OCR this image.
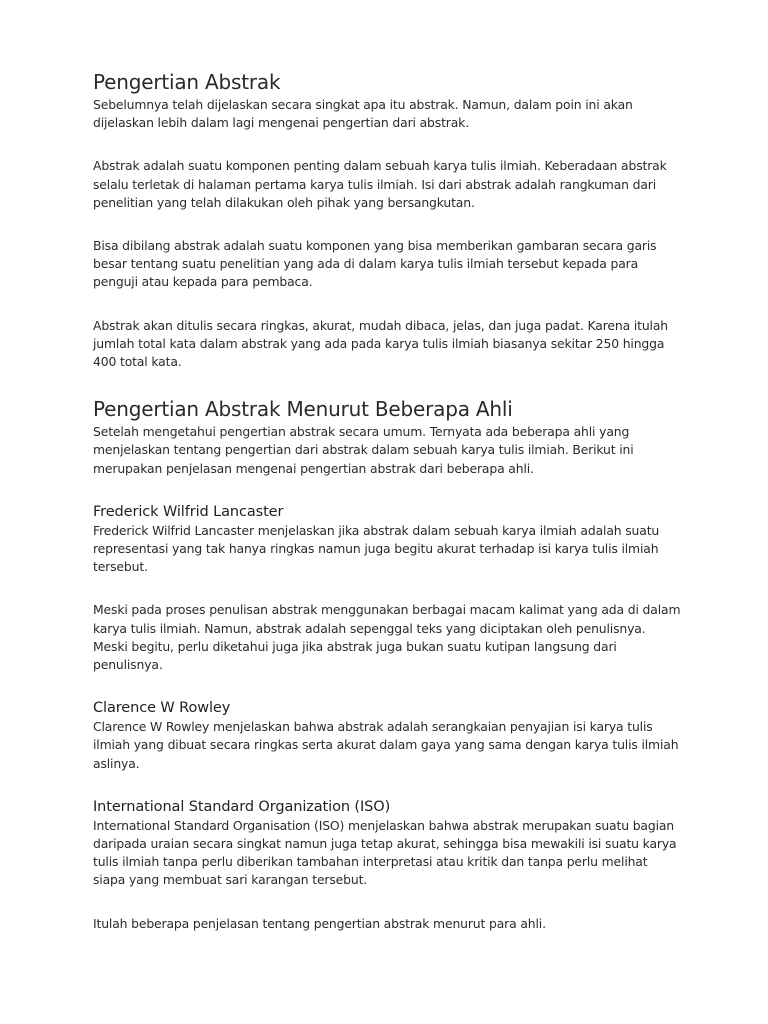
Pengertian Abstrak

Sebelumnya telah dijelaskan secara singkat apa itu abstrak. Namun, dalam poin ini akan dijelaskan lebih dalam lagi mengenai pengertian dari abstrak.

Abstrak adalah suatu komponen penting dalam sebuah karya tulis ilmiah. Keberadaan abstrak selalu terletak di halaman pertama karya tulis ilmiah. Isi dari abstrak adalah rangkuman dari penelitian yang telah dilakukan oleh pihak yang bersangkutan.

Bisa dibilang abstrak adalah suatu komponen yang bisa memberikan gambaran secara garis besar tentang suatu penelitian yang ada di dalam karya tulis ilmiah tersebut kepada para penguji atau kepada para pembaca.

Abstrak akan ditulis secara ringkas, akurat, mudah dibaca, jelas, dan juga padat. Karena itulah jumlah total kata dalam abstrak yang ada pada karya tulis ilmiah biasanya sekitar 250 hingga 400 total kata.

Pengertian Abstrak Menurut Beberapa Ahli

Setelah mengetahui pengertian abstrak secara umum. Ternyata ada beberapa ahli yang menjelaskan tentang pengertian dari abstrak dalam sebuah karya tulis ilmiah. Berikut ini merupakan penjelasan mengenai pengertian abstrak dari beberapa ahli.

Frederick Wilfrid Lancaster

Frederick Wilfrid Lancaster menjelaskan jika abstrak dalam sebuah karya ilmiah adalah suatu representasi yang tak hanya ringkas namun juga begitu akurat terhadap isi karya tulis ilmiah tersebut.

Meski pada proses penulisan abstrak menggunakan berbagai macam kalimat yang ada di dalam karya tulis ilmiah. Namun, abstrak adalah sepenggal teks yang diciptakan oleh penulisnya. Meski begitu, perlu diketahui juga jika abstrak juga bukan suatu kutipan langsung dari penulisnya.

Clarence W Rowley

Clarence W Rowley menjelaskan bahwa abstrak adalah serangkaian penyajian isi karya tulis ilmiah yang dibuat secara ringkas serta akurat dalam gaya yang sama dengan karya tulis ilmiah aslinya.

International Standard Organization (ISO)

International Standard Organisation (ISO) menjelaskan bahwa abstrak merupakan suatu bagian daripada uraian secara singkat namun juga tetap akurat, sehingga bisa mewakili isi suatu karya tulis ilmiah tanpa perlu diberikan tambahan interpretasi atau kritik dan tanpa perlu melihat siapa yang membuat sari karangan tersebut.

Itulah beberapa penjelasan tentang pengertian abstrak menurut para ahli.
